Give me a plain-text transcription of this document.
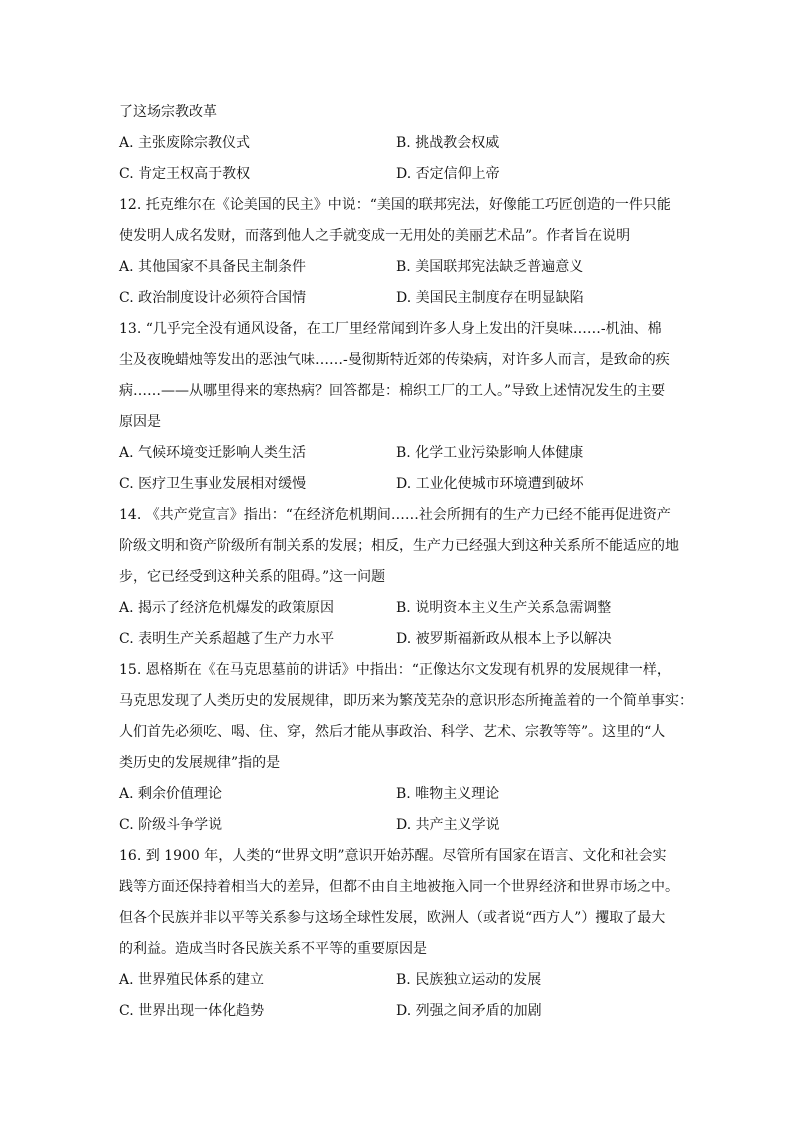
了这场宗教改革
A. 主张废除宗教仪式	B. 挑战教会权威
C. 肯定王权高于教权	D. 否定信仰上帝
12. 托克维尔在《论美国的民主》中说：“美国的联邦宪法，好像能工巧匠创造的一件只能
使发明人成名发财，而落到他人之手就变成一无用处的美丽艺术品”。作者旨在说明
A. 其他国家不具备民主制条件	B. 美国联邦宪法缺乏普遍意义
C. 政治制度设计必须符合国情	D. 美国民主制度存在明显缺陷
13. “几乎完全没有通风设备，在工厂里经常闻到许多人身上发出的汗臭味……-机油、棉
尘及夜晚蜡烛等发出的恶浊气味……-曼彻斯特近郊的传染病，对许多人而言，是致命的疾
病……——从哪里得来的寒热病？回答都是：棉织工厂的工人。”导致上述情况发生的主要
原因是
A. 气候环境变迁影响人类生活	B. 化学工业污染影响人体健康
C. 医疗卫生事业发展相对缓慢	D. 工业化使城市环境遭到破坏
14. 《共产党宣言》指出：“在经济危机期间……社会所拥有的生产力已经不能再促进资产
阶级文明和资产阶级所有制关系的发展；相反，生产力已经强大到这种关系所不能适应的地
步，它已经受到这种关系的阻碍。”这一问题
A. 揭示了经济危机爆发的政策原因	B. 说明资本主义生产关系急需调整
C. 表明生产关系超越了生产力水平	D. 被罗斯福新政从根本上予以解决
15. 恩格斯在《在马克思墓前的讲话》中指出：“正像达尔文发现有机界的发展规律一样，
马克思发现了人类历史的发展规律，即历来为繁茂芜杂的意识形态所掩盖着的一个简单事实：
人们首先必须吃、喝、住、穿，然后才能从事政治、科学、艺术、宗教等等”。这里的“人
类历史的发展规律”指的是
A. 剩余价值理论	B. 唯物主义理论
C. 阶级斗争学说	D. 共产主义学说
16. 到 1900 年，人类的“世界文明”意识开始苏醒。尽管所有国家在语言、文化和社会实
践等方面还保持着相当大的差异，但都不由自主地被拖入同一个世界经济和世界市场之中。
但各个民族并非以平等关系参与这场全球性发展，欧洲人（或者说“西方人”）攫取了最大
的利益。造成当时各民族关系不平等的重要原因是
A. 世界殖民体系的建立	B. 民族独立运动的发展
C. 世界出现一体化趋势	D. 列强之间矛盾的加剧
